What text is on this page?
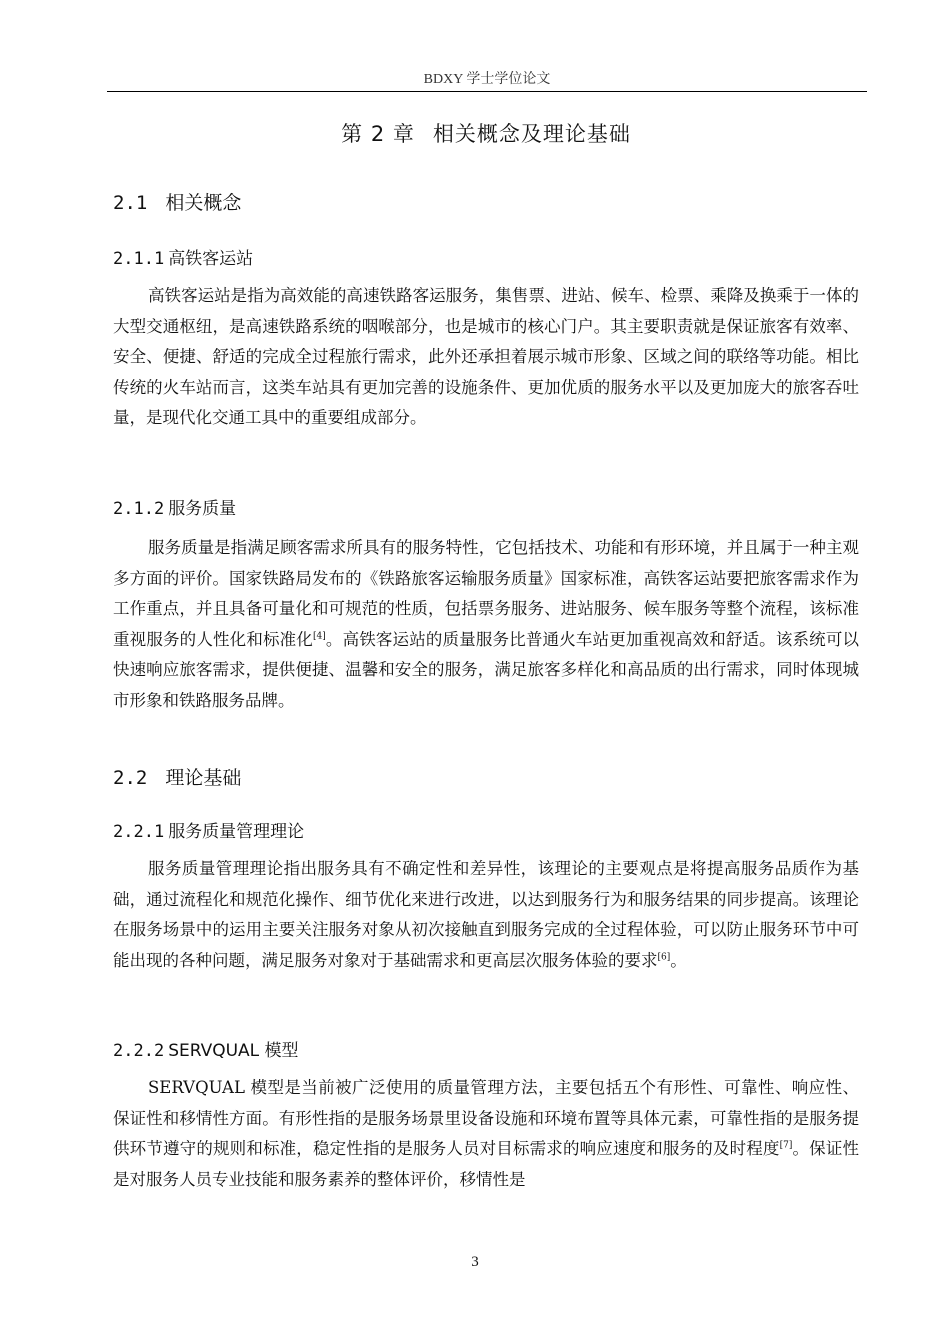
BDXY 学士学位论文
第 2 章 相关概念及理论基础
2.1 相关概念
2.1.1 高铁客运站

高铁客运站是指为高效能的高速铁路客运服务，集售票、进站、候车、检票、乘降及换乘于一体的大型交通枢纽，是高速铁路系统的咽喉部分，也是城市的核心门户。其主要职责就是保证旅客有效率、安全、便捷、舒适的完成全过程旅行需求，此外还承担着展示城市形象、区域之间的联络等功能。相比传统的火车站而言，这类车站具有更加完善的设施条件、更加优质的服务水平以及更加庞大的旅客吞吐量，是现代化交通工具中的重要组成部分。

2.1.2 服务质量

服务质量是指满足顾客需求所具有的服务特性，它包括技术、功能和有形环境，并且属于一种主观多方面的评价。国家铁路局发布的《铁路旅客运输服务质量》国家标准，高铁客运站要把旅客需求作为工作重点，并且具备可量化和可规范的性质，包括票务服务、进站服务、候车服务等整个流程，该标准重视服务的人性化和标准化[4]。高铁客运站的质量服务比普通火车站更加重视高效和舒适。该系统可以快速响应旅客需求，提供便捷、温馨和安全的服务，满足旅客多样化和高品质的出行需求，同时体现城市形象和铁路服务品牌。

2.2 理论基础
2.2.1 服务质量管理理论

服务质量管理理论指出服务具有不确定性和差异性，该理论的主要观点是将提高服务品质作为基础，通过流程化和规范化操作、细节优化来进行改进，以达到服务行为和服务结果的同步提高。该理论在服务场景中的运用主要关注服务对象从初次接触直到服务完成的全过程体验，可以防止服务环节中可能出现的各种问题，满足服务对象对于基础需求和更高层次服务体验的要求[6]。

2.2.2 SERVQUAL 模型

SERVQUAL 模型是当前被广泛使用的质量管理方法，主要包括五个有形性、可靠性、响应性、保证性和移情性方面。有形性指的是服务场景里设备设施和环境布置等具体元素，可靠性指的是服务提供环节遵守的规则和标准，稳定性指的是服务人员对目标需求的响应速度和服务的及时程度[7]。保证性是对服务人员专业技能和服务素养的整体评价，移情性是

3
